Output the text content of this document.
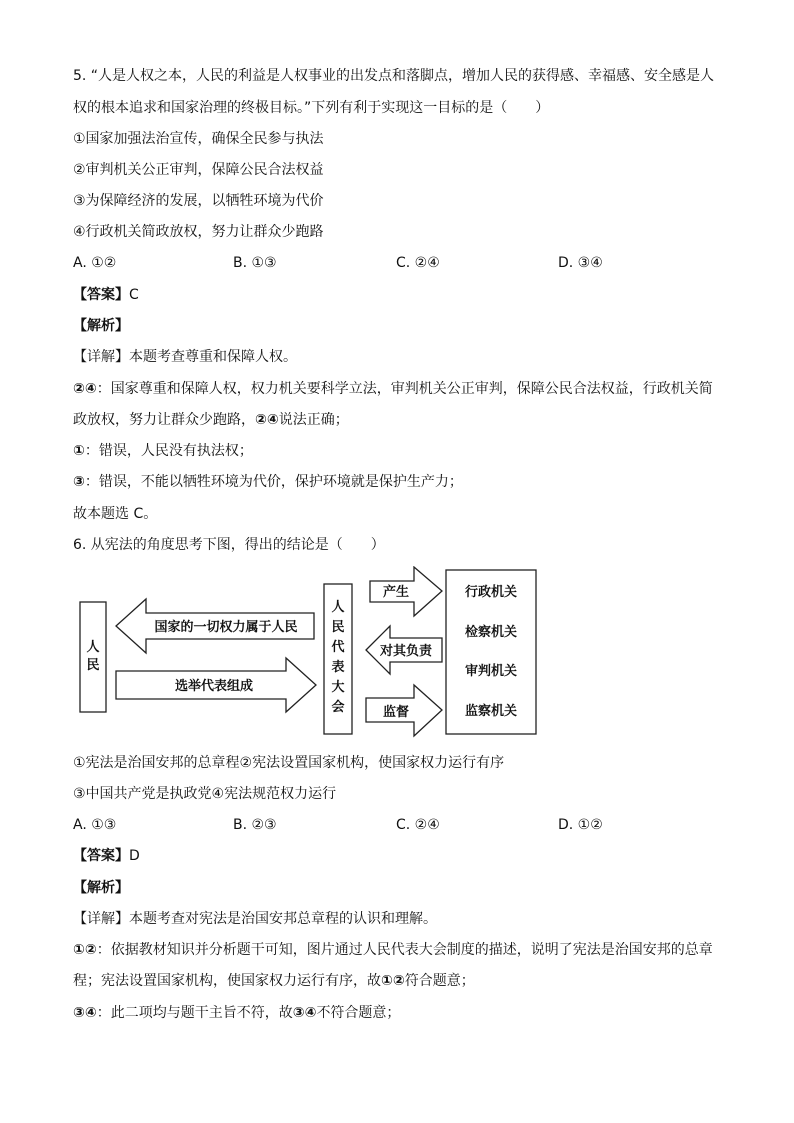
5. “人是人权之本，人民的利益是人权事业的出发点和落脚点，增加人民的获得感、幸福感、安全感是人
权的根本追求和国家治理的终极目标。”下列有利于实现这一目标的是（　　）
①国家加强法治宣传，确保全民参与执法
②审判机关公正审判，保障公民合法权益
③为保障经济的发展，以牺牲环境为代价
④行政机关简政放权，努力让群众少跑路
A. ①②	B. ①③	C. ②④	D. ③④
【答案】C
【解析】
【详解】本题考查尊重和保障人权。
②④：国家尊重和保障人权，权力机关要科学立法，审判机关公正审判，保障公民合法权益，行政机关简
政放权，努力让群众少跑路，②④说法正确；
①：错误，人民没有执法权；
③：错误，不能以牺牲环境为代价，保护环境就是保护生产力；
故本题选 C。
6. 从宪法的角度思考下图，得出的结论是（　　）
人
民
国家的一切权力属于人民
选举代表组成
人
民
代
表
大
会
产生
对其负责
监督
行政机关
检察机关
审判机关
监察机关
①宪法是治国安邦的总章程②宪法设置国家机构，使国家权力运行有序
③中国共产党是执政党④宪法规范权力运行
A. ①③	B. ②③	C. ②④	D. ①②
【答案】D
【解析】
【详解】本题考查对宪法是治国安邦总章程的认识和理解。
①②：依据教材知识并分析题干可知，图片通过人民代表大会制度的描述，说明了宪法是治国安邦的总章
程；宪法设置国家机构，使国家权力运行有序，故①②符合题意；
③④：此二项均与题干主旨不符，故③④不符合题意；
